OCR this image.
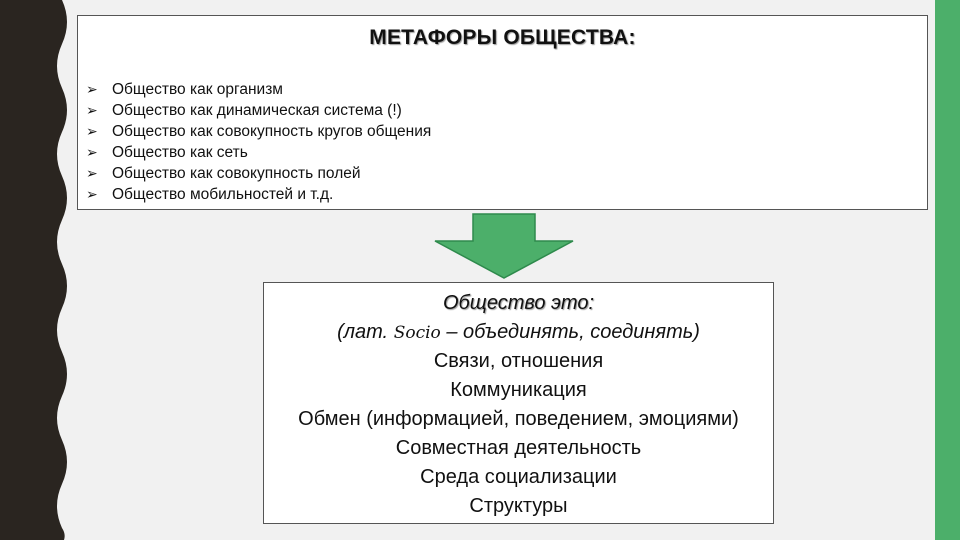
МЕТАФОРЫ ОБЩЕСТВА:
➢ Общество как организм
➢ Общество как динамическая система (!)
➢ Общество как совокупность кругов общения
➢ Общество как сеть
➢ Общество как совокупность полей
➢ Общество мобильностей и т.д.
Общество это:
(лат. Socio – объединять, соединять)
Связи, отношения
Коммуникация
Обмен (информацией, поведением, эмоциями)
Совместная деятельность
Среда социализации
Структуры
